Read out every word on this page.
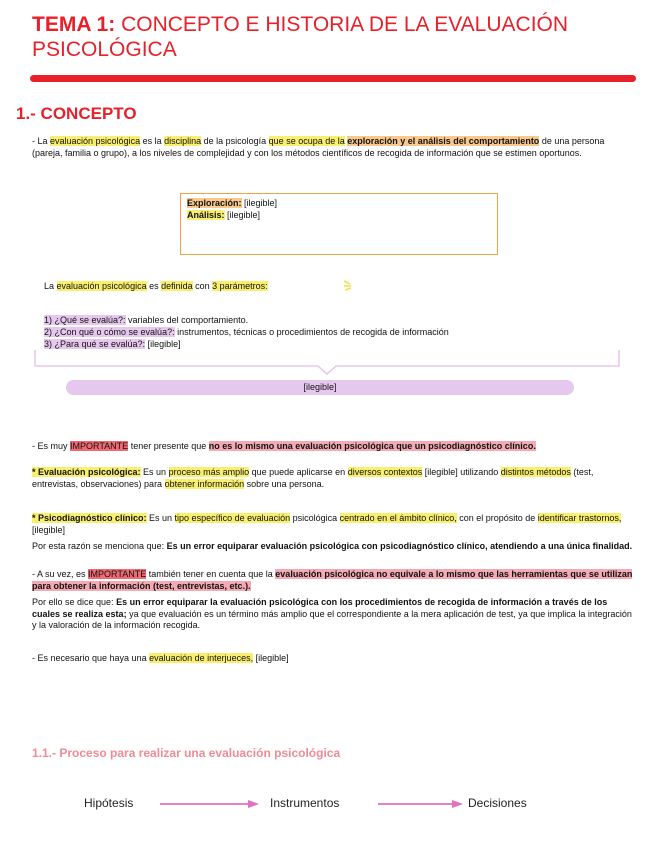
TEMA 1: CONCEPTO E HISTORIA DE LA EVALUACIÓN PSICOLÓGICA
1.- CONCEPTO

- La evaluación psicológica es la disciplina de la psicología que se ocupa de la exploración y el análisis del comportamiento de una persona (pareja, familia o grupo), a los niveles de complejidad y con los métodos científicos de recogida de información que se estimen oportunos.

Exploración: [ilegible]
Análisis: [ilegible]

La evaluación psicológica es definida con 3 parámetros:

1) ¿Qué se evalúa?: variables del comportamiento.
2) ¿Con qué o cómo se evalúa?: instrumentos, técnicas o procedimientos de recogida de información
3) ¿Para qué se evalúa?: [ilegible]
[ilegible]

- Es muy IMPORTANTE tener presente que no es lo mismo una evaluación psicológica que un psicodiagnóstico clínico.

* Evaluación psicológica: Es un proceso más amplio que puede aplicarse en diversos contextos [ilegible] utilizando distintos métodos (test, entrevistas, observaciones) para obtener información sobre una persona.

* Psicodiagnóstico clínico: Es un tipo específico de evaluación psicológica centrado en el ámbito clínico, con el propósito de identificar trastornos, [ilegible]

Por esta razón se menciona que: Es un error equiparar evaluación psicológica con psicodiagnóstico clínico, atendiendo a una única finalidad.

- A su vez, es IMPORTANTE también tener en cuenta que la evaluación psicológica no equivale a lo mismo que las herramientas que se utilizan para obtener la información (test, entrevistas, etc.).

Por ello se dice que: Es un error equiparar la evaluación psicológica con los procedimientos de recogida de información a través de los cuales se realiza esta; ya que evaluación es un término más amplio que el correspondiente a la mera aplicación de test, ya que implica la integración y la valoración de la información recogida.

- Es necesario que haya una evaluación de interjueces, [ilegible]

1.1.- Proceso para realizar una evaluación psicológica
Hipótesis	Instrumentos	Decisiones
